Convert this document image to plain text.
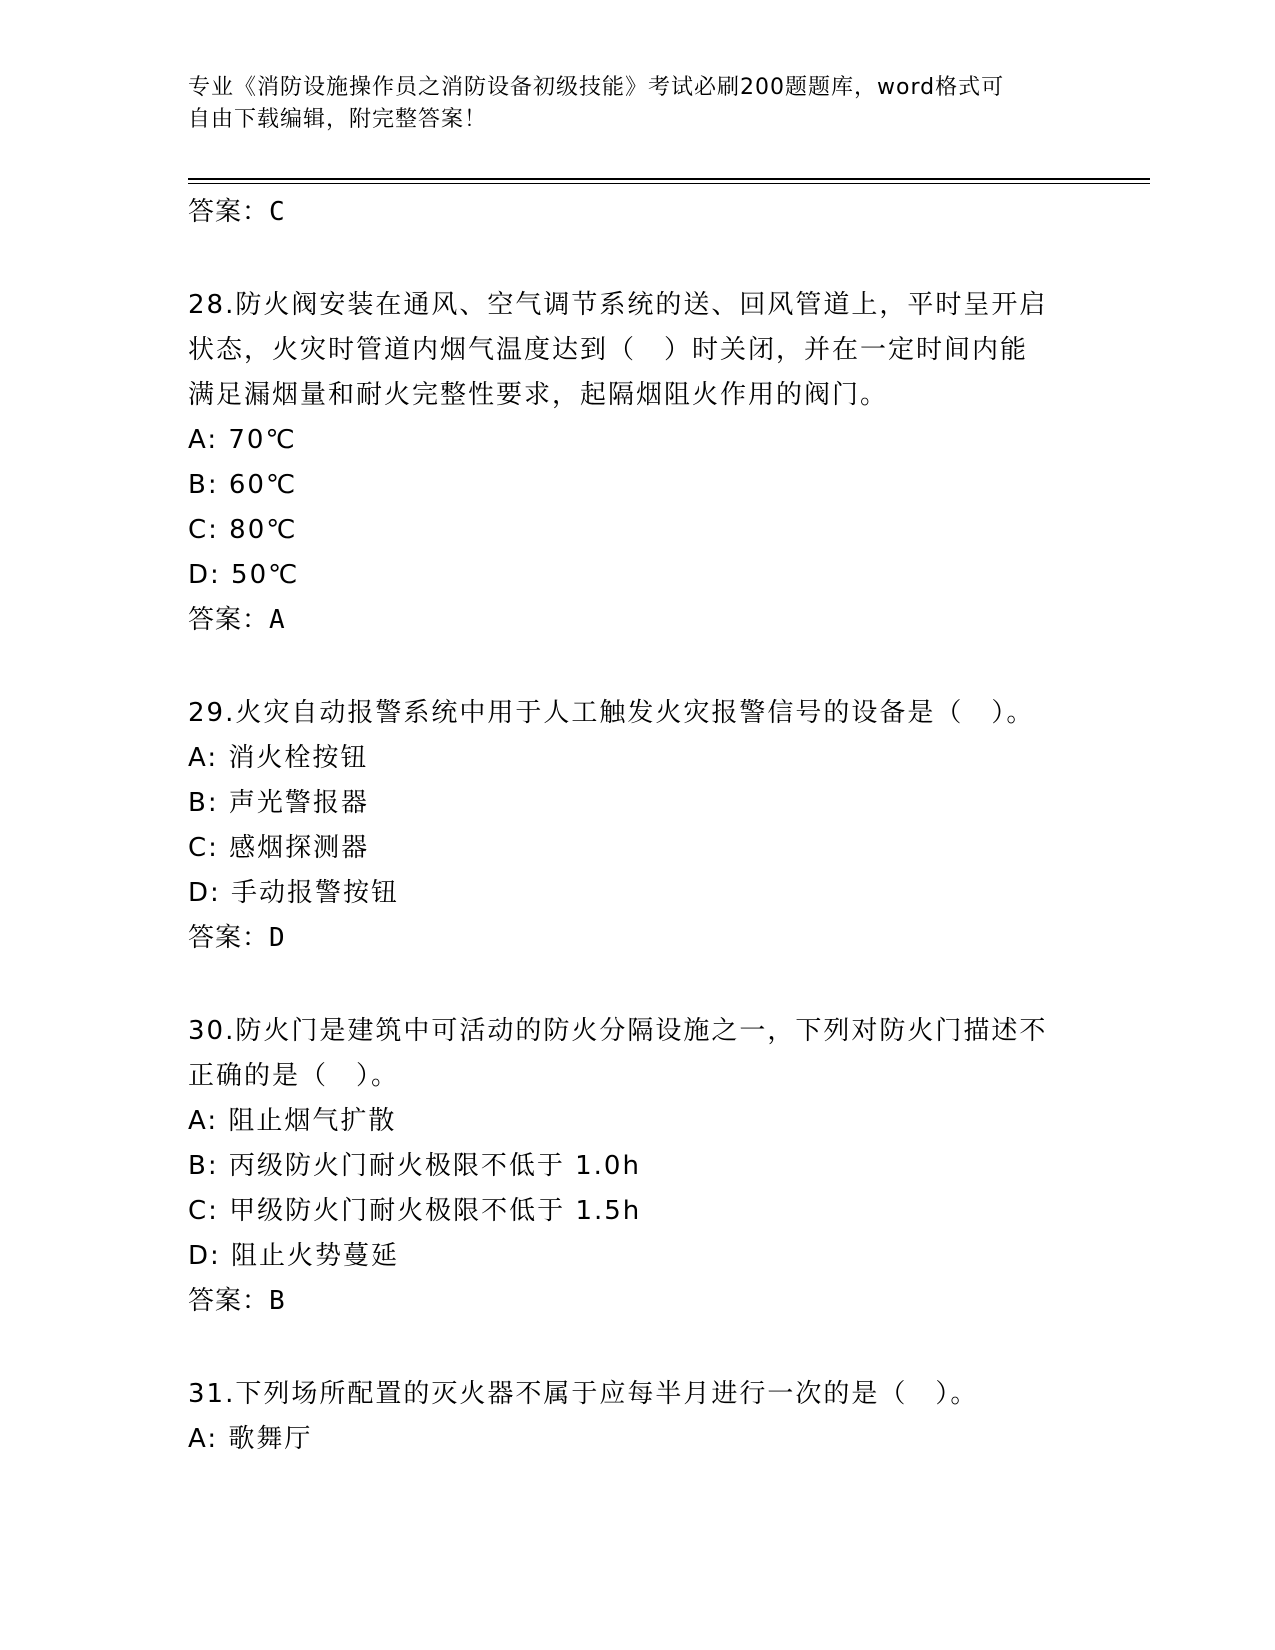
专业《消防设施操作员之消防设备初级技能》考试必刷200题题库，word格式可
自由下载编辑，附完整答案！
答案：C
28.防火阀安装在通风、空气调节系统的送、回风管道上，平时呈开启
状态，火灾时管道内烟气温度达到（　）时关闭，并在一定时间内能
满足漏烟量和耐火完整性要求，起隔烟阻火作用的阀门。
A: 70℃
B: 60℃
C: 80℃
D: 50℃
答案：A
29.火灾自动报警系统中用于人工触发火灾报警信号的设备是（　）。
A: 消火栓按钮
B: 声光警报器
C: 感烟探测器
D: 手动报警按钮
答案：D
30.防火门是建筑中可活动的防火分隔设施之一，下列对防火门描述不
正确的是（　）。
A: 阻止烟气扩散
B: 丙级防火门耐火极限不低于 1.0h
C: 甲级防火门耐火极限不低于 1.5h
D: 阻止火势蔓延
答案：B
31.下列场所配置的灭火器不属于应每半月进行一次的是（　）。
A: 歌舞厅
